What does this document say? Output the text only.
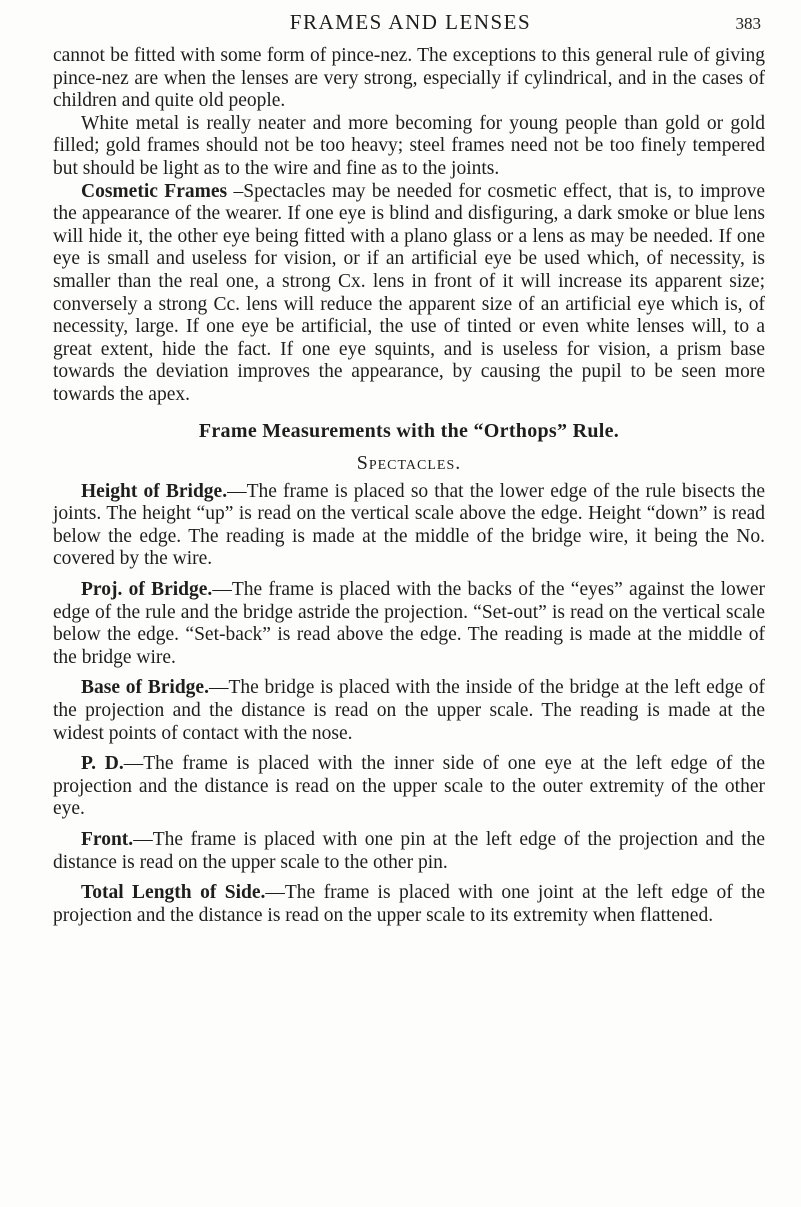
FRAMES AND LENSES	383

cannot be fitted with some form of pince-nez. The exceptions to this general rule of giving pince-nez are when the lenses are very strong, especially if cylindrical, and in the cases of children and quite old people.

White metal is really neater and more becoming for young people than gold or gold filled; gold frames should not be too heavy; steel frames need not be too finely tempered but should be light as to the wire and fine as to the joints.

Cosmetic Frames –Spectacles may be needed for cosmetic effect, that is, to improve the appearance of the wearer. If one eye is blind and disfiguring, a dark smoke or blue lens will hide it, the other eye being fitted with a plano glass or a lens as may be needed. If one eye is small and useless for vision, or if an artificial eye be used which, of necessity, is smaller than the real one, a strong Cx. lens in front of it will increase its apparent size; conversely a strong Cc. lens will reduce the apparent size of an artificial eye which is, of necessity, large. If one eye be artificial, the use of tinted or even white lenses will, to a great extent, hide the fact. If one eye squints, and is useless for vision, a prism base towards the deviation improves the appearance, by causing the pupil to be seen more towards the apex.

Frame Measurements with the “Orthops” Rule.
Spectacles.

Height of Bridge.—The frame is placed so that the lower edge of the rule bisects the joints. The height “up” is read on the vertical scale above the edge. Height “down” is read below the edge. The reading is made at the middle of the bridge wire, it being the No. covered by the wire.

Proj. of Bridge.—The frame is placed with the backs of the “eyes” against the lower edge of the rule and the bridge astride the projection. “Set-out” is read on the vertical scale below the edge. “Set-back” is read above the edge. The reading is made at the middle of the bridge wire.

Base of Bridge.—The bridge is placed with the inside of the bridge at the left edge of the projection and the distance is read on the upper scale. The reading is made at the widest points of contact with the nose.

P. D.—The frame is placed with the inner side of one eye at the left edge of the projection and the distance is read on the upper scale to the outer extremity of the other eye.

Front.—The frame is placed with one pin at the left edge of the projection and the distance is read on the upper scale to the other pin.

Total Length of Side.—The frame is placed with one joint at the left edge of the projection and the distance is read on the upper scale to its extremity when flattened.
